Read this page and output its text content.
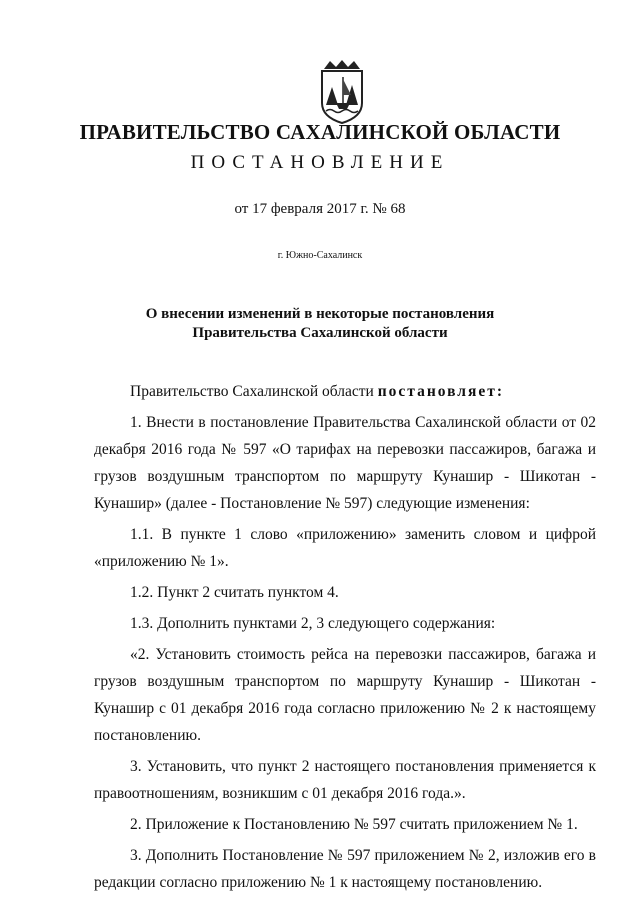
ПРАВИТЕЛЬСТВО САХАЛИНСКОЙ ОБЛАСТИ
ПОСТАНОВЛЕНИЕ
от 17 февраля 2017 г. № 68
г. Южно-Сахалинск
О внесении изменений в некоторые постановления
Правительства Сахалинской области

Правительство Сахалинской области постановляет:

1. Внести в постановление Правительства Сахалинской области от 02 декабря 2016 года № 597 «О тарифах на перевозки пассажиров, багажа и грузов воздушным транспортом по маршруту Кунашир - Шикотан - Кунашир» (далее - Постановление № 597) следующие изменения:

1.1. В пункте 1 слово «приложению» заменить словом и цифрой «приложению № 1».

1.2. Пункт 2 считать пунктом 4.

1.3. Дополнить пунктами 2, 3 следующего содержания:

«2. Установить стоимость рейса на перевозки пассажиров, багажа и грузов воздушным транспортом по маршруту Кунашир - Шикотан - Кунашир с 01 декабря 2016 года согласно приложению № 2 к настоящему постановлению.

3. Установить, что пункт 2 настоящего постановления применяется к правоотношениям, возникшим с 01 декабря 2016 года.».

2. Приложение к Постановлению № 597 считать приложением № 1.

3. Дополнить Постановление № 597 приложением № 2, изложив его в редакции согласно приложению № 1 к настоящему постановлению.
